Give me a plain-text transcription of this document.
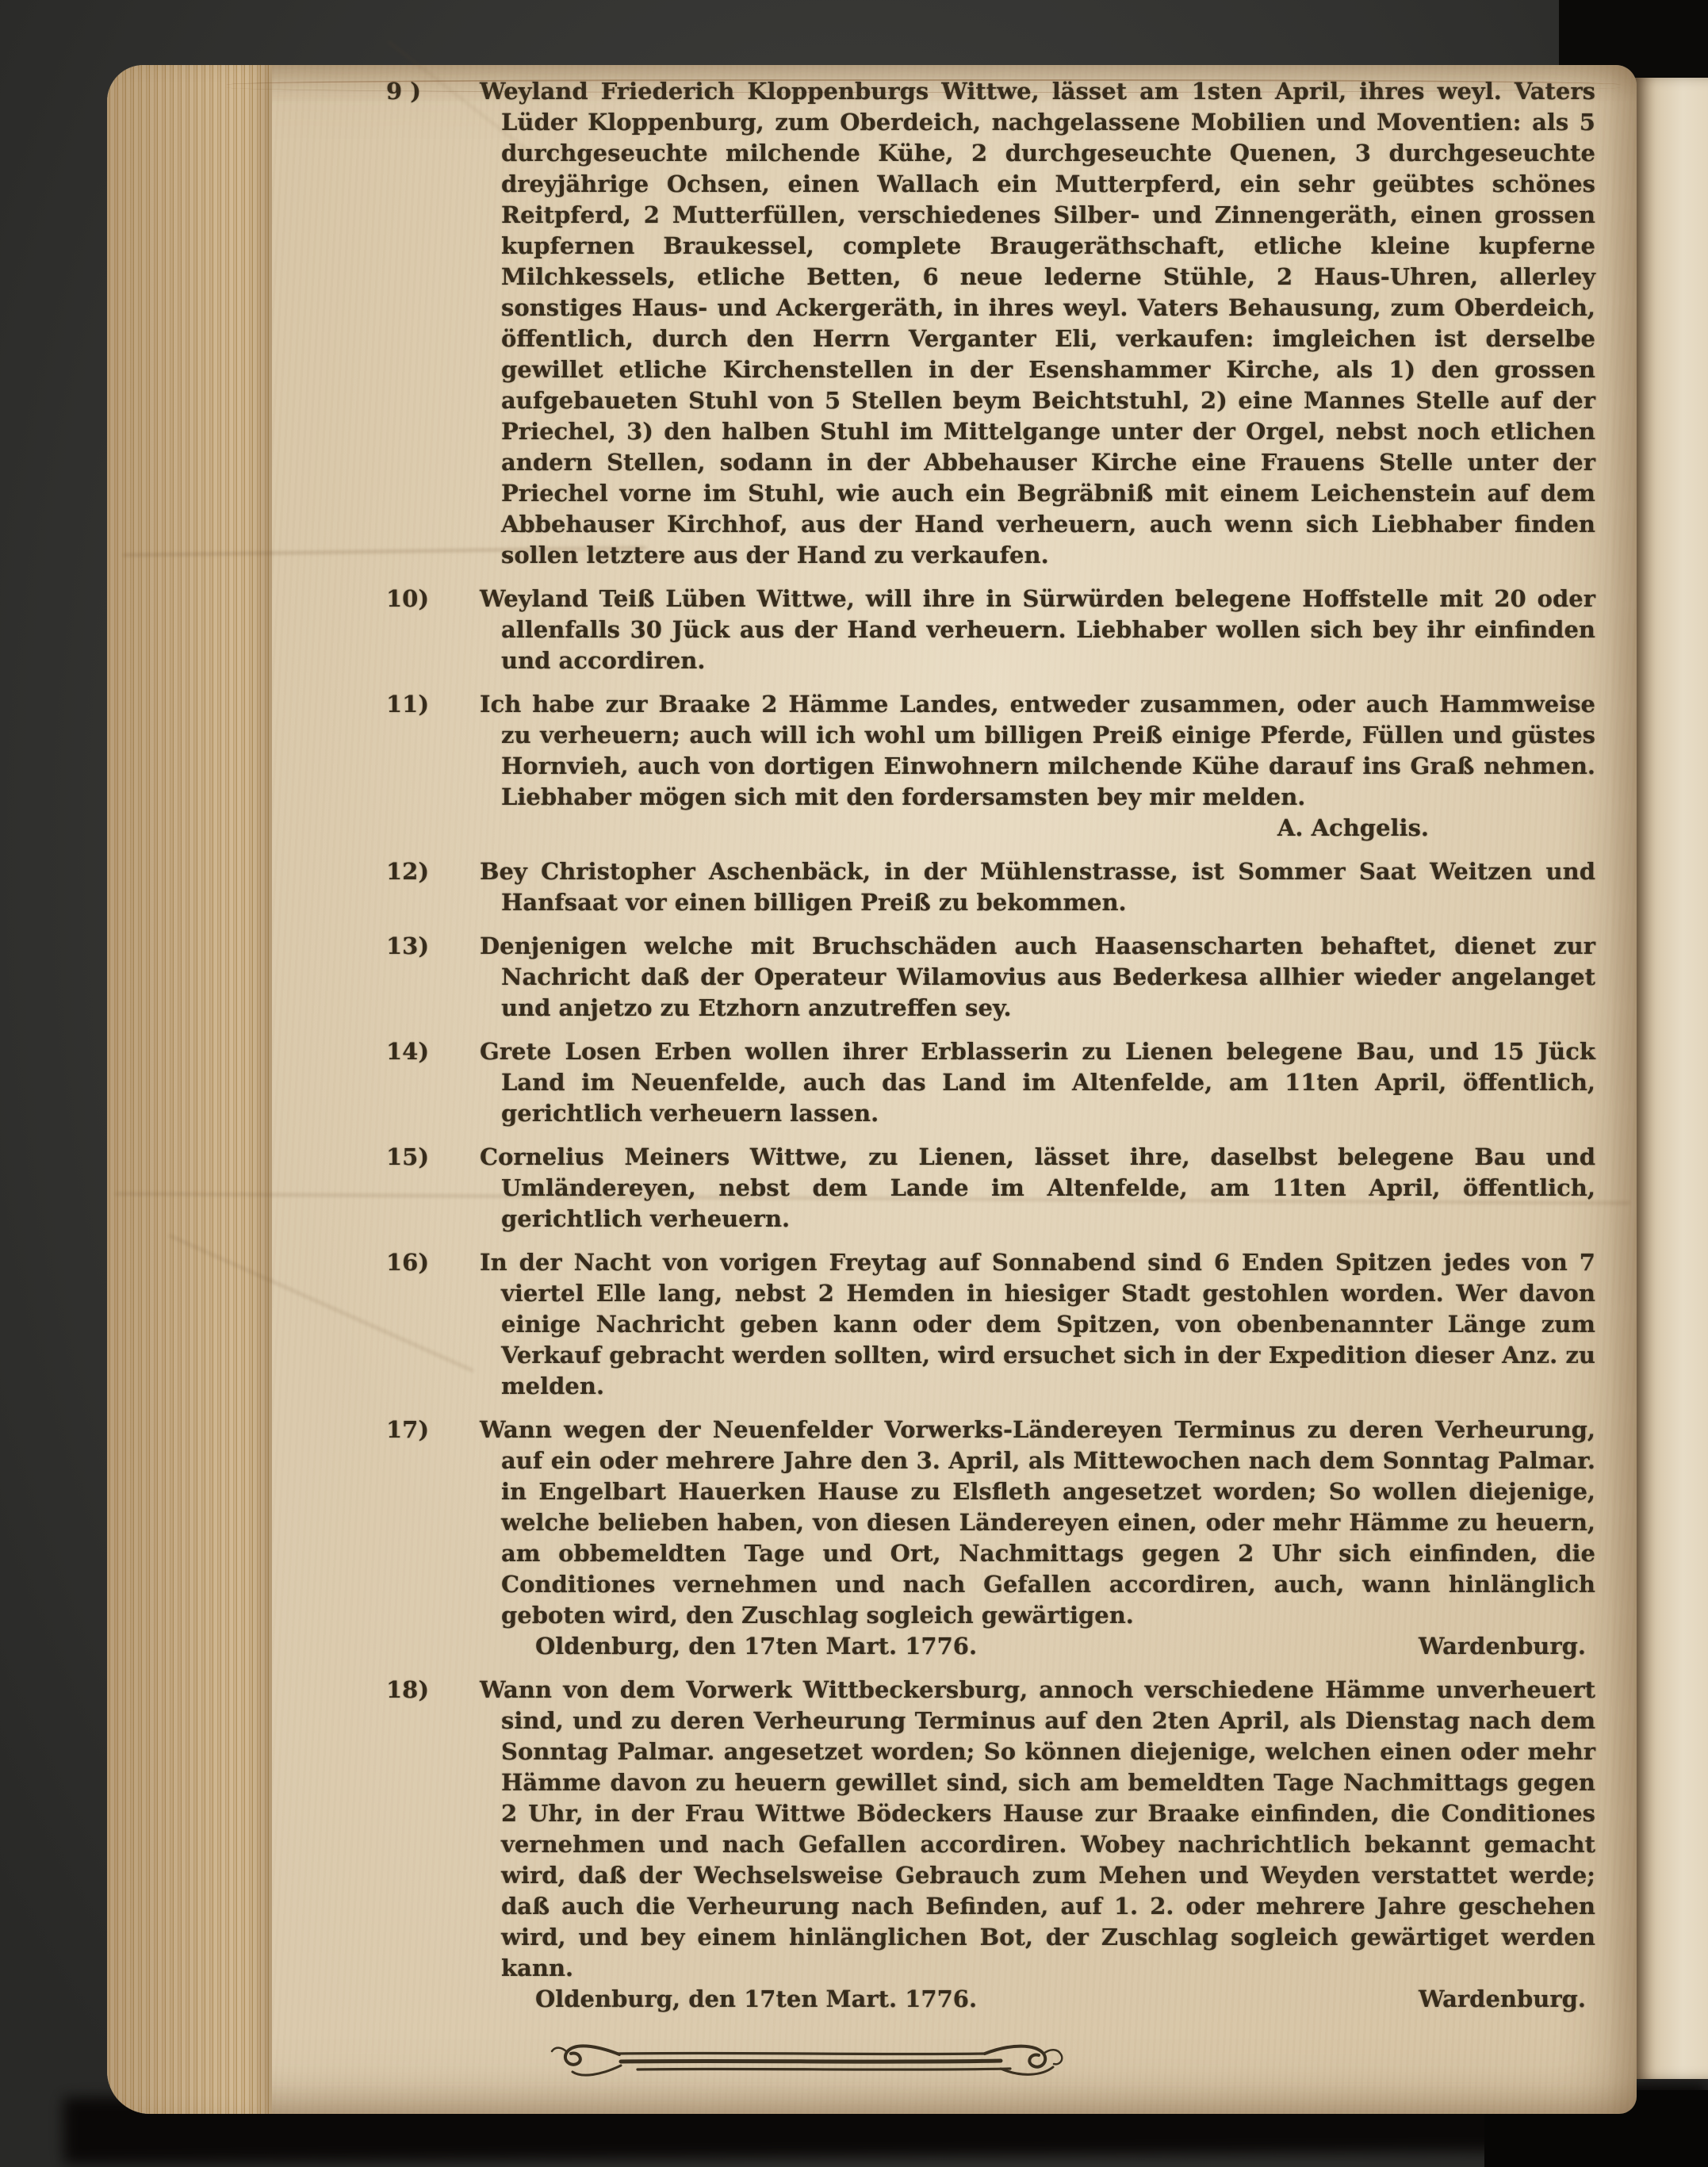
9 )	Weyland Friederich Kloppenburgs Wittwe, lässet am 1sten April, ihres weyl. Vaters Lüder Kloppenburg, zum Oberdeich, nachgelassene Mobilien und Moventien: als 5 durchgeseuchte milchende Kühe, 2 durchgeseuchte Quenen, 3 durchgeseuchte dreyjährige Ochsen, einen Wallach ein Mutterpferd, ein sehr geübtes schönes Reitpferd, 2 Mutterfüllen, verschiedenes Silber- und Zinnengeräth, einen grossen kupfernen Braukessel, complete Braugeräthschaft, etliche kleine kupferne Milchkessels, etliche Betten, 6 neue lederne Stühle, 2 Haus-Uhren, allerley sonstiges Haus- und Ackergeräth, in ihres weyl. Vaters Behausung, zum Oberdeich, öffentlich, durch den Herrn Verganter Eli, verkaufen: imgleichen ist derselbe gewillet etliche Kirchenstellen in der Esenshammer Kirche, als 1) den grossen aufgebaueten Stuhl von 5 Stellen beym Beichtstuhl, 2) eine Mannes Stelle auf der Priechel, 3) den halben Stuhl im Mittelgange unter der Orgel, nebst noch etlichen andern Stellen, sodann in der Abbehauser Kirche eine Frauens Stelle unter der Priechel vorne im Stuhl, wie auch ein Begräbniß mit einem Leichenstein auf dem Abbehauser Kirchhof, aus der Hand verheuern, auch wenn sich Liebhaber finden sollen letztere aus der Hand zu verkaufen.

10)	Weyland Teiß Lüben Wittwe, will ihre in Sürwürden belegene Hoffstelle mit 20 oder allenfalls 30 Jück aus der Hand verheuern. Liebhaber wollen sich bey ihr einfinden und accordiren.

11)	Ich habe zur Braake 2 Hämme Landes, entweder zusammen, oder auch Hammweise zu verheuern; auch will ich wohl um billigen Preiß einige Pferde, Füllen und güstes Hornvieh, auch von dortigen Einwohnern milchende Kühe darauf ins Graß nehmen. Liebhaber mögen sich mit den fordersamsten bey mir melden.

A. Achgelis.
12)	Bey Christopher Aschenbäck, in der Mühlenstrasse, ist Sommer Saat Weitzen und Hanfsaat vor einen billigen Preiß zu bekommen.

13)	Denjenigen welche mit Bruchschäden auch Haasenscharten behaftet, dienet zur Nachricht daß der Operateur Wilamovius aus Bederkesa allhier wieder angelanget und anjetzo zu Etzhorn anzutreffen sey.

14)	Grete Losen Erben wollen ihrer Erblasserin zu Lienen belegene Bau, und 15 Jück Land im Neuenfelde, auch das Land im Altenfelde, am 11ten April, öffentlich, gerichtlich verheuern lassen.

15)	Cornelius Meiners Wittwe, zu Lienen, lässet ihre, daselbst belegene Bau und Umländereyen, nebst dem Lande im Altenfelde, am 11ten April, öffentlich, gerichtlich verheuern.

16)	In der Nacht von vorigen Freytag auf Sonnabend sind 6 Enden Spitzen jedes von 7 viertel Elle lang, nebst 2 Hemden in hiesiger Stadt gestohlen worden. Wer davon einige Nachricht geben kann oder dem Spitzen, von obenbenannter Länge zum Verkauf gebracht werden sollten, wird ersuchet sich in der Expedition dieser Anz. zu melden.

17)	Wann wegen der Neuenfelder Vorwerks-Ländereyen Terminus zu deren Verheurung, auf ein oder mehrere Jahre den 3. April, als Mittewochen nach dem Sonntag Palmar. in Engelbart Hauerken Hause zu Elsfleth angesetzet worden; So wollen diejenige, welche belieben haben, von diesen Ländereyen einen, oder mehr Hämme zu heuern, am obbemeldten Tage und Ort, Nachmittags gegen 2 Uhr sich einfinden, die Conditiones vernehmen und nach Gefallen accordiren, auch, wann hinlänglich geboten wird, den Zuschlag sogleich gewärtigen.

Oldenburg, den 17ten Mart. 1776.	Wardenburg.
18)	Wann von dem Vorwerk Wittbeckersburg, annoch verschiedene Hämme unverheuert sind, und zu deren Verheurung Terminus auf den 2ten April, als Dienstag nach dem Sonntag Palmar. angesetzet worden; So können diejenige, welchen einen oder mehr Hämme davon zu heuern gewillet sind, sich am bemeldten Tage Nachmittags gegen 2 Uhr, in der Frau Wittwe Bödeckers Hause zur Braake einfinden, die Conditiones vernehmen und nach Gefallen accordiren. Wobey nachrichtlich bekannt gemacht wird, daß der Wechselsweise Gebrauch zum Mehen und Weyden verstattet werde; daß auch die Verheurung nach Befinden, auf 1. 2. oder mehrere Jahre geschehen wird, und bey einem hinlänglichen Bot, der Zuschlag sogleich gewärtiget werden kann.

Oldenburg, den 17ten Mart. 1776.	Wardenburg.
